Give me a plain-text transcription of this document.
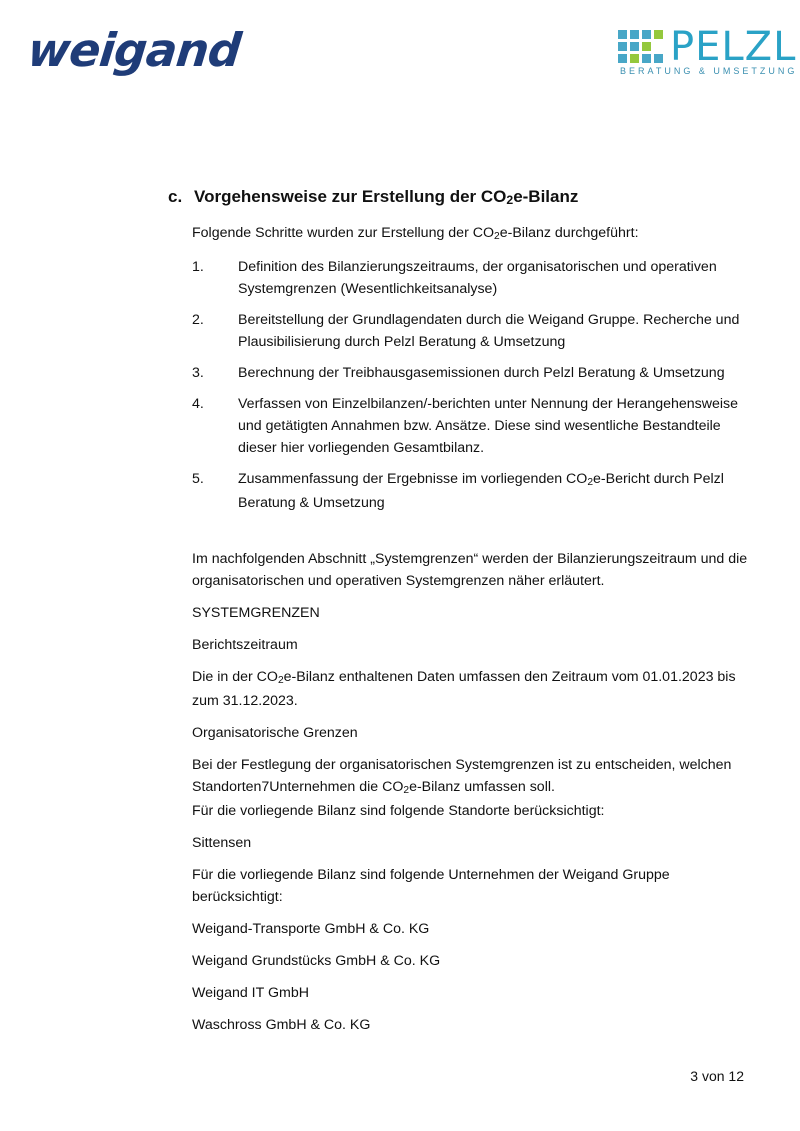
weigand	PELZL
BERATUNG & UMSETZUNG
c. Vorgehensweise zur Erstellung der $CO_2e$-Bilanz

Folgende Schritte wurden zur Erstellung der $CO_2e$-Bilanz durchgeführt:

1. Definition des Bilanzierungszeitraums, der organisatorischen und operativen Systemgrenzen (Wesentlichkeitsanalyse)
2. Bereitstellung der Grundlagendaten durch die Weigand Gruppe. Recherche und Plausibilisierung durch Pelzl Beratung & Umsetzung
3. Berechnung der Treibhausgasemissionen durch Pelzl Beratung & Umsetzung
4. Verfassen von Einzelbilanzen/-berichten unter Nennung der Herangehensweise und getätigten Annahmen bzw. Ansätze. Diese sind wesentliche Bestandteile dieser hier vorliegenden Gesamtbilanz.
5. Zusammenfassung der Ergebnisse im vorliegenden $CO_2e$-Bericht durch Pelzl Beratung & Umsetzung

Im nachfolgenden Abschnitt „Systemgrenzen“ werden der Bilanzierungszeitraum und die organisatorischen und operativen Systemgrenzen näher erläutert.

SYSTEMGRENZEN

Berichtszeitraum

Die in der $CO_2e$-Bilanz enthaltenen Daten umfassen den Zeitraum vom 01.01.2023 bis zum 31.12.2023.

Organisatorische Grenzen

Bei der Festlegung der organisatorischen Systemgrenzen ist zu entscheiden, welchen Standorten7Unternehmen die $CO_2e$-Bilanz umfassen soll.
Für die vorliegende Bilanz sind folgende Standorte berücksichtigt:

Sittensen

Für die vorliegende Bilanz sind folgende Unternehmen der Weigand Gruppe berücksichtigt:

Weigand-Transporte GmbH & Co. KG

Weigand Grundstücks GmbH & Co. KG

Weigand IT GmbH

Waschross GmbH & Co. KG

3 von 12
